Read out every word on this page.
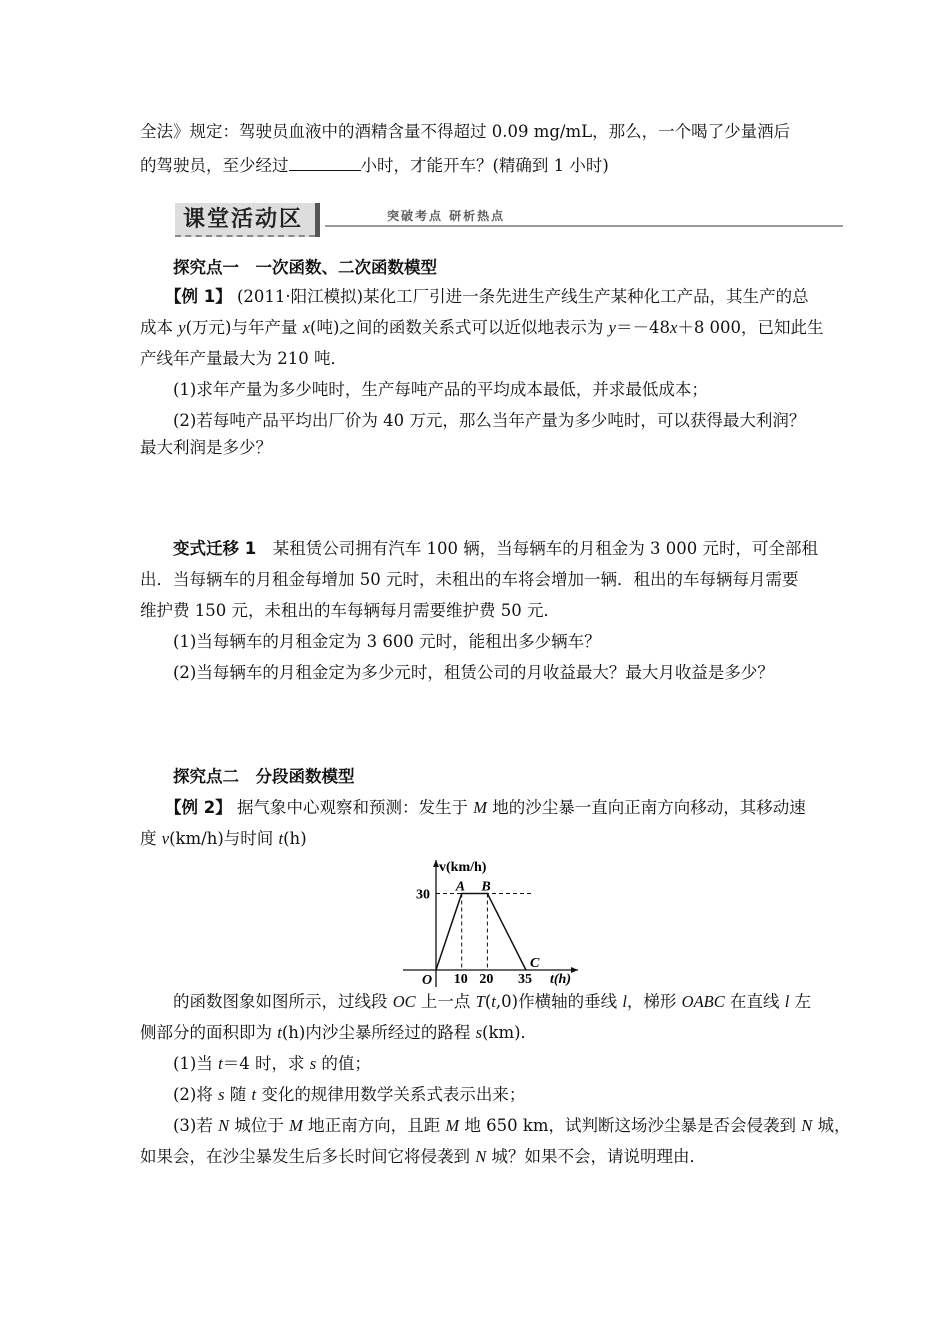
全法》规定：驾驶员血液中的酒精含量不得超过 0.09 mg/mL，那么，一个喝了少量酒后
的驾驶员，至少经过	小时，才能开车？(精确到 1 小时)
课堂活动区	突破考点 研析热点
探究点一　一次函数、二次函数模型
【例 1】 (2011·阳江模拟)某化工厂引进一条先进生产线生产某种化工产品，其生产的总
成本 y(万元)与年产量 x(吨)之间的函数关系式可以近似地表示为 y＝－48x＋8 000，已知此生
产线年产量最大为 210 吨．
(1)求年产量为多少吨时，生产每吨产品的平均成本最低，并求最低成本；
(2)若每吨产品平均出厂价为 40 万元，那么当年产量为多少吨时，可以获得最大利润？
最大利润是多少？
变式迁移 1　某租赁公司拥有汽车 100 辆，当每辆车的月租金为 3 000 元时，可全部租
出．当每辆车的月租金每增加 50 元时，未租出的车将会增加一辆．租出的车每辆每月需要
维护费 150 元，未租出的车每辆每月需要维护费 50 元．
(1)当每辆车的月租金定为 3 600 元时，能租出多少辆车？
(2)当每辆车的月租金定为多少元时，租赁公司的月收益最大？最大月收益是多少？
探究点二　分段函数模型
【例 2】 据气象中心观察和预测：发生于 M 地的沙尘暴一直向正南方向移动，其移动速
度 v(km/h)与时间 t(h)
v(km/h)
t(h)
O
A B
C
30
10 20 35
的函数图象如图所示，过线段 OC 上一点 T(t,0)作横轴的垂线 l，梯形 OABC 在直线 l 左
侧部分的面积即为 t(h)内沙尘暴所经过的路程 s(km)．
(1)当 t＝4 时，求 s 的值；
(2)将 s 随 t 变化的规律用数学关系式表示出来；
(3)若 N 城位于 M 地正南方向，且距 M 地 650 km，试判断这场沙尘暴是否会侵袭到 N 城，
如果会，在沙尘暴发生后多长时间它将侵袭到 N 城？如果不会，请说明理由．
